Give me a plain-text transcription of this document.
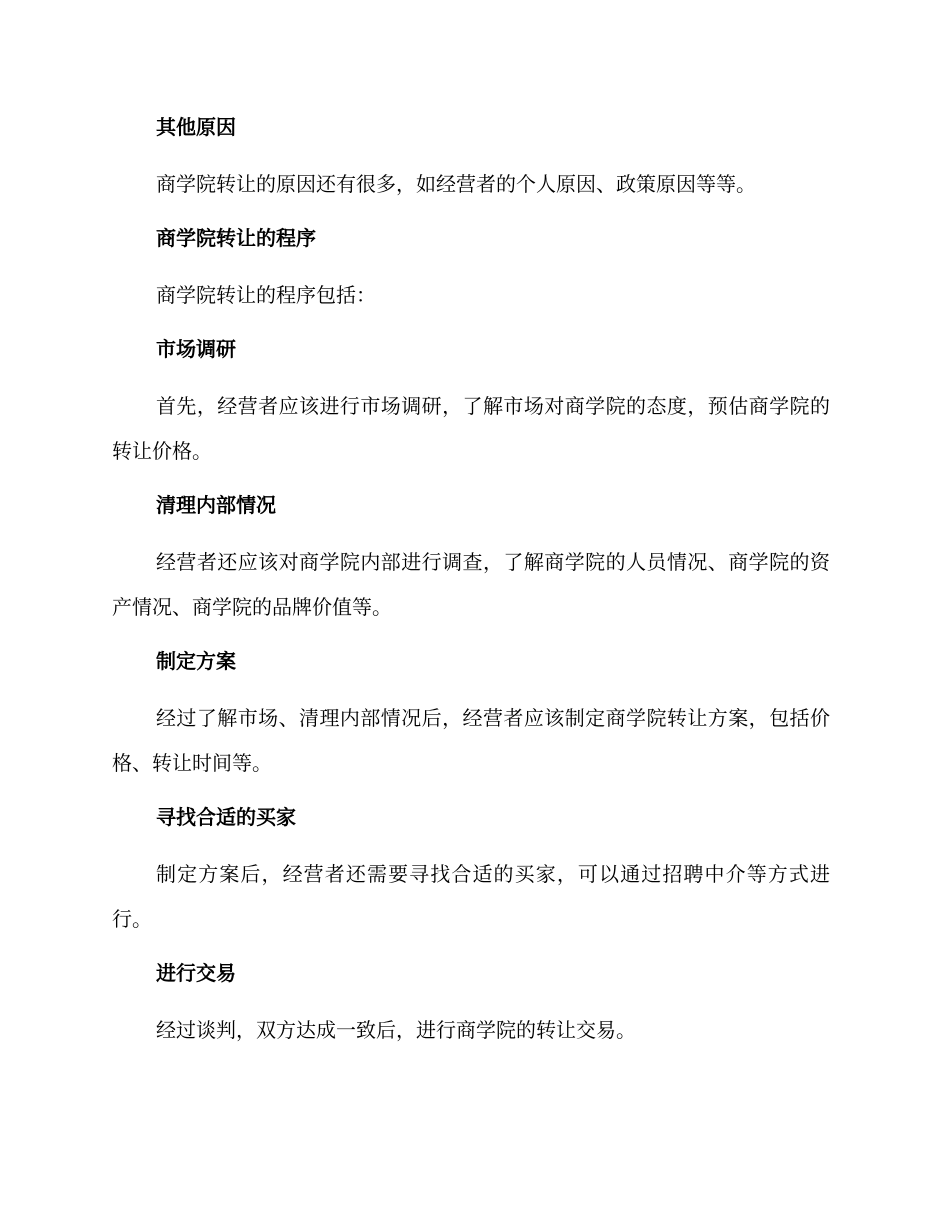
其他原因
商学院转让的原因还有很多，如经营者的个人原因、政策原因等等。
商学院转让的程序
商学院转让的程序包括：
市场调研
首先，经营者应该进行市场调研，了解市场对商学院的态度，预估商学院的转让价格。
清理内部情况
经营者还应该对商学院内部进行调查，了解商学院的人员情况、商学院的资产情况、商学院的品牌价值等。
制定方案
经过了解市场、清理内部情况后，经营者应该制定商学院转让方案，包括价格、转让时间等。
寻找合适的买家
制定方案后，经营者还需要寻找合适的买家，可以通过招聘中介等方式进行。
进行交易
经过谈判，双方达成一致后，进行商学院的转让交易。
